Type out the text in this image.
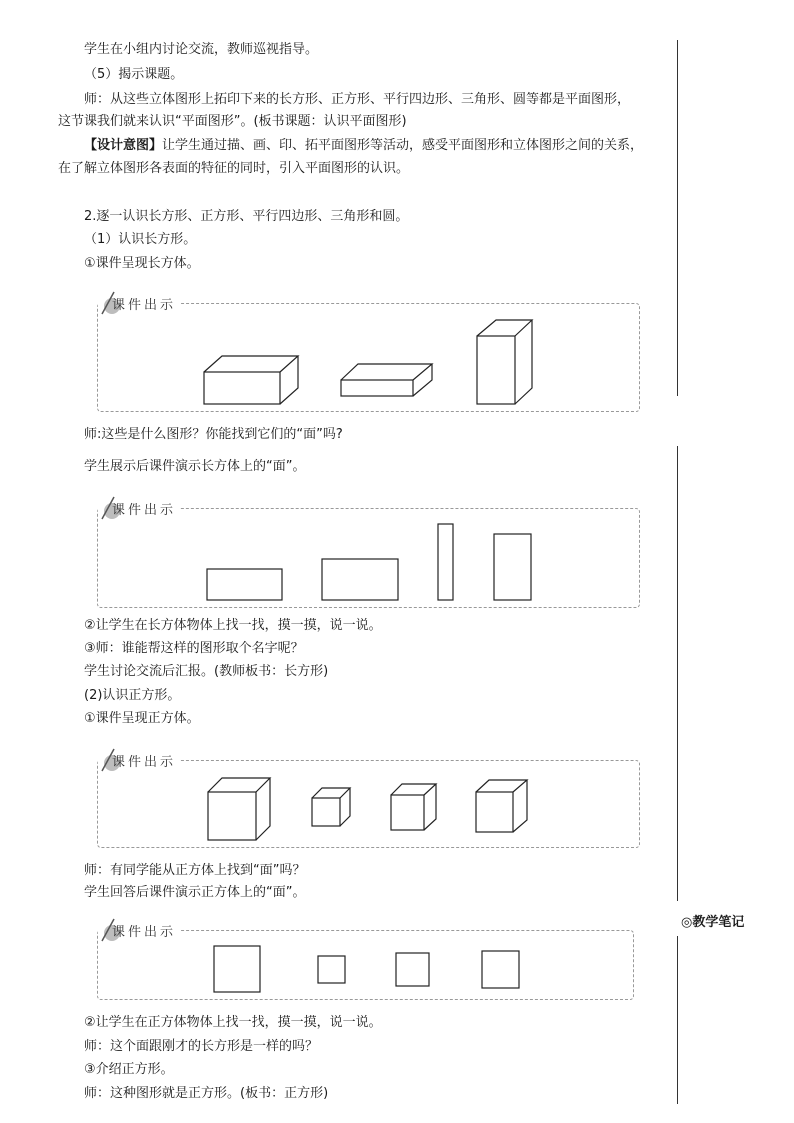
◎教学笔记
学生在小组内讨论交流，教师巡视指导。
（5）揭示课题。
师：从这些立体图形上拓印下来的长方形、正方形、平行四边形、三角形、圆等都是平面图形，
这节课我们就来认识“平面图形”。(板书课题：认识平面图形)
【设计意图】让学生通过描、画、印、拓平面图形等活动，感受平面图形和立体图形之间的关系，
在了解立体图形各表面的特征的同时，引入平面图形的认识。
2.逐一认识长方形、正方形、平行四边形、三角形和圆。
（1）认识长方形。
①课件呈现长方体。
课件出示
师:这些是什么图形？你能找到它们的“面”吗?
学生展示后课件演示长方体上的“面”。
课件出示
②让学生在长方体物体上找一找，摸一摸，说一说。
③师：谁能帮这样的图形取个名字呢？
学生讨论交流后汇报。(教师板书：长方形)
(2)认识正方形。
①课件呈现正方体。
课件出示
师：有同学能从正方体上找到“面”吗？
学生回答后课件演示正方体上的“面”。
课件出示
②让学生在正方体物体上找一找，摸一摸，说一说。
师：这个面跟刚才的长方形是一样的吗？
③介绍正方形。
师：这种图形就是正方形。(板书：正方形)
